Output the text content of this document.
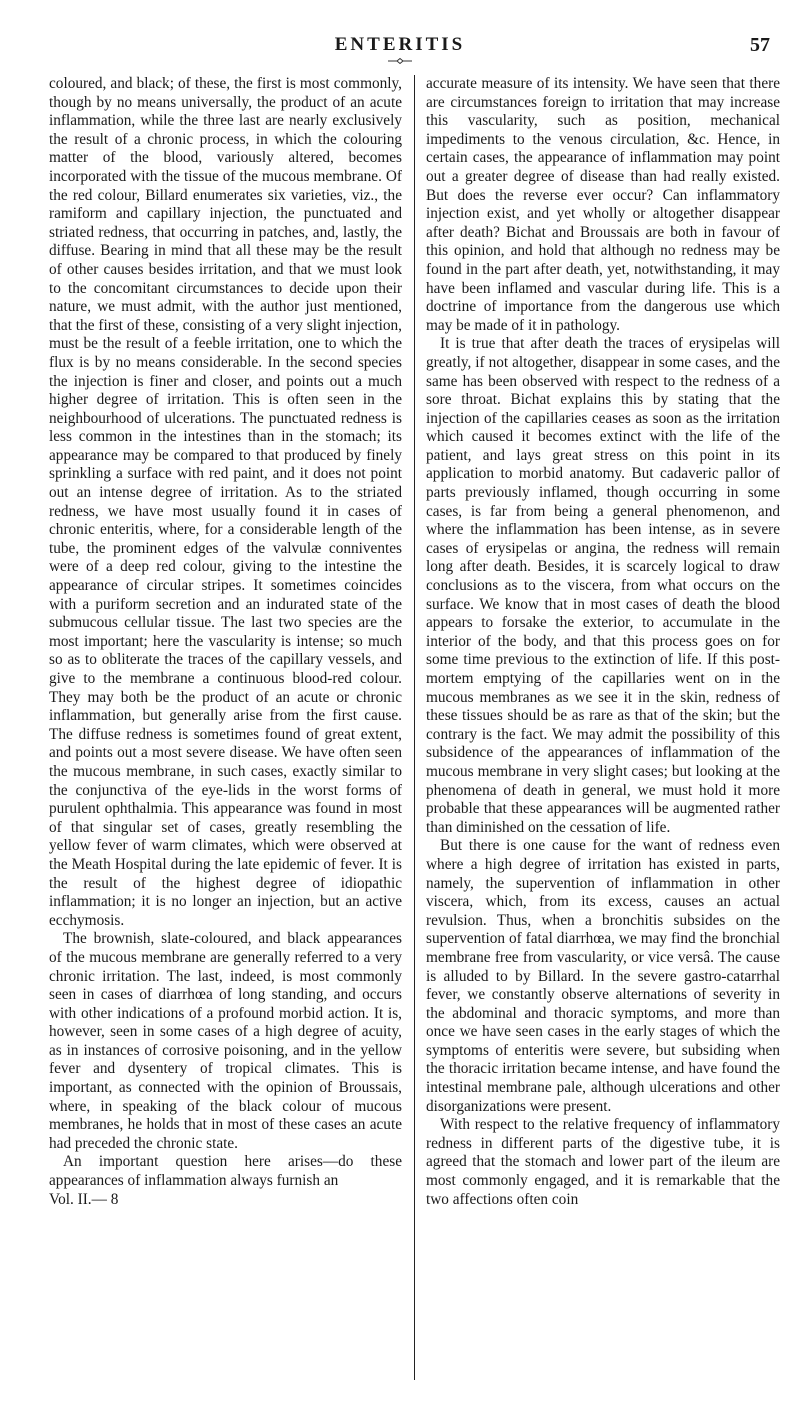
ENTERITIS	57

coloured, and black; of these, the first is most commonly, though by no means universally, the product of an acute inflammation, while the three last are nearly exclusively the result of a chronic process, in which the colouring matter of the blood, variously altered, becomes incorporated with the tissue of the mucous membrane. Of the red colour, Billard enumerates six varieties, viz., the ramiform and capillary injection, the punctuated and striated redness, that occurring in patches, and, lastly, the diffuse. Bearing in mind that all these may be the result of other causes besides irritation, and that we must look to the concomitant circumstances to decide upon their nature, we must admit, with the author just mentioned, that the first of these, consisting of a very slight injection, must be the result of a feeble irritation, one to which the flux is by no means considerable. In the second species the injection is finer and closer, and points out a much higher degree of irritation. This is often seen in the neighbourhood of ulcerations. The punctuated redness is less common in the intestines than in the stomach; its appearance may be compared to that produced by finely sprinkling a surface with red paint, and it does not point out an intense degree of irritation. As to the striated redness, we have most usually found it in cases of chronic enteritis, where, for a considerable length of the tube, the prominent edges of the valvulæ conniventes were of a deep red colour, giving to the intestine the appearance of circular stripes. It sometimes coincides with a puriform secretion and an indurated state of the submucous cellular tissue. The last two species are the most important; here the vascularity is intense; so much so as to obliterate the traces of the capillary vessels, and give to the membrane a continuous blood-red colour. They may both be the product of an acute or chronic inflammation, but generally arise from the first cause. The diffuse redness is sometimes found of great extent, and points out a most severe disease. We have often seen the mucous membrane, in such cases, exactly similar to the conjunctiva of the eye-lids in the worst forms of purulent ophthalmia. This appearance was found in most of that singular set of cases, greatly resembling the yellow fever of warm climates, which were observed at the Meath Hospital during the late epidemic of fever. It is the result of the highest degree of idiopathic inflammation; it is no longer an injection, but an active ecchymosis.

The brownish, slate-coloured, and black appearances of the mucous membrane are generally referred to a very chronic irritation. The last, indeed, is most commonly seen in cases of diarrhœa of long standing, and occurs with other indications of a profound morbid action. It is, however, seen in some cases of a high degree of acuity, as in instances of corrosive poisoning, and in the yellow fever and dysentery of tropical climates. This is important, as connected with the opinion of Broussais, where, in speaking of the black colour of mucous membranes, he holds that in most of these cases an acute had preceded the chronic state.

An important question here arises—do these appearances of inflammation always furnish an

Vol. II.— 8

accurate measure of its intensity. We have seen that there are circumstances foreign to irritation that may increase this vascularity, such as position, mechanical impediments to the venous circulation, &c. Hence, in certain cases, the appearance of inflammation may point out a greater degree of disease than had really existed. But does the reverse ever occur? Can inflammatory injection exist, and yet wholly or altogether disappear after death? Bichat and Broussais are both in favour of this opinion, and hold that although no redness may be found in the part after death, yet, notwithstanding, it may have been inflamed and vascular during life. This is a doctrine of importance from the dangerous use which may be made of it in pathology.

It is true that after death the traces of erysipelas will greatly, if not altogether, disappear in some cases, and the same has been observed with respect to the redness of a sore throat. Bichat explains this by stating that the injection of the capillaries ceases as soon as the irritation which caused it becomes extinct with the life of the patient, and lays great stress on this point in its application to morbid anatomy. But cadaveric pallor of parts previously inflamed, though occurring in some cases, is far from being a general phenomenon, and where the inflammation has been intense, as in severe cases of erysipelas or angina, the redness will remain long after death. Besides, it is scarcely logical to draw conclusions as to the viscera, from what occurs on the surface. We know that in most cases of death the blood appears to forsake the exterior, to accumulate in the interior of the body, and that this process goes on for some time previous to the extinction of life. If this post-mortem emptying of the capillaries went on in the mucous membranes as we see it in the skin, redness of these tissues should be as rare as that of the skin; but the contrary is the fact. We may admit the possibility of this subsidence of the appearances of inflammation of the mucous membrane in very slight cases; but looking at the phenomena of death in general, we must hold it more probable that these appearances will be augmented rather than diminished on the cessation of life.

But there is one cause for the want of redness even where a high degree of irritation has existed in parts, namely, the supervention of inflammation in other viscera, which, from its excess, causes an actual revulsion. Thus, when a bronchitis subsides on the supervention of fatal diarrhœa, we may find the bronchial membrane free from vascularity, or vice versâ. The cause is alluded to by Billard. In the severe gastro-catarrhal fever, we constantly observe alternations of severity in the abdominal and thoracic symptoms, and more than once we have seen cases in the early stages of which the symptoms of enteritis were severe, but subsiding when the thoracic irritation became intense, and have found the intestinal membrane pale, although ulcerations and other disorganizations were present.

With respect to the relative frequency of inflammatory redness in different parts of the digestive tube, it is agreed that the stomach and lower part of the ileum are most commonly engaged, and it is remarkable that the two affections often coin
